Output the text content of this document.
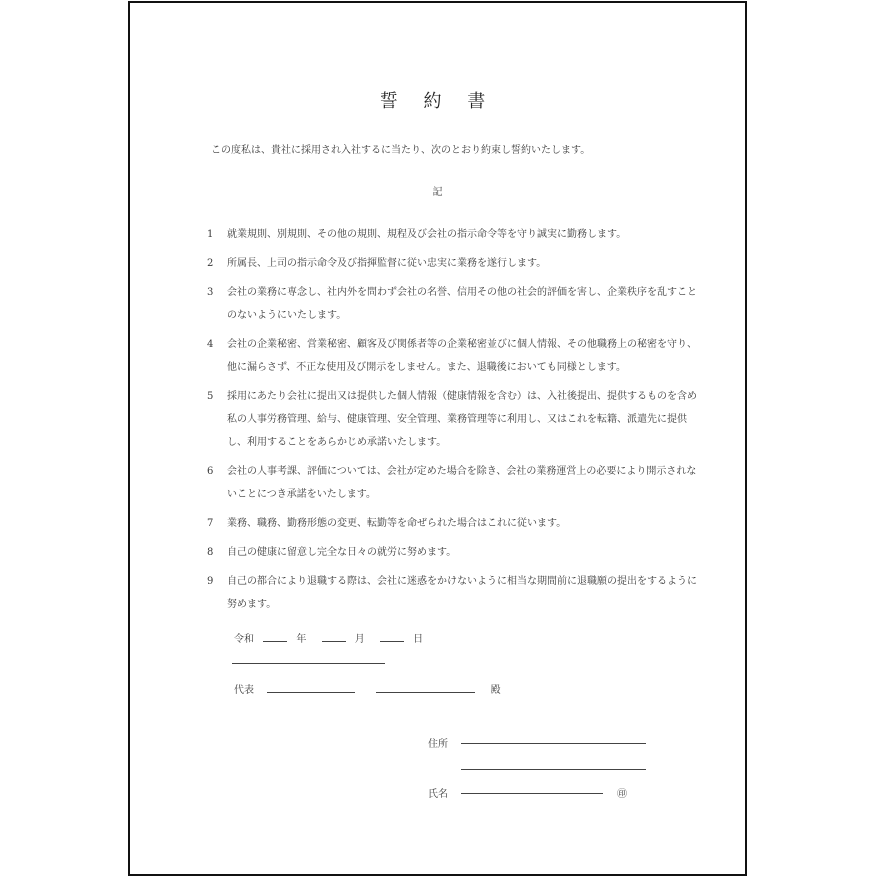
誓 約 書
この度私は、貴社に採用され入社するに当たり、次のとおり約束し誓約いたします。
記
1 就業規則、別規則、その他の規則、規程及び会社の指示命令等を守り誠実に勤務します。
2 所属長、上司の指示命令及び指揮監督に従い忠実に業務を遂行します。
3 会社の業務に専念し、社内外を問わず会社の名誉、信用その他の社会的評価を害し、企業秩序を乱すことのないようにいたします。
4 会社の企業秘密、営業秘密、顧客及び関係者等の企業秘密並びに個人情報、その他職務上の秘密を守り、他に漏らさず、不正な使用及び開示をしません。また、退職後においても同様とします。
5 採用にあたり会社に提出又は提供した個人情報（健康情報を含む）は、入社後提出、提供するものを含め私の人事労務管理、給与、健康管理、安全管理、業務管理等に利用し、又はこれを転籍、派遣先に提供し、利用することをあらかじめ承諾いたします。
6 会社の人事考課、評価については、会社が定めた場合を除き、会社の業務運営上の必要により開示されないことにつき承諾をいたします。
7 業務、職務、勤務形態の変更、転勤等を命ぜられた場合はこれに従います。
8 自己の健康に留意し完全な日々の就労に努めます。
9 自己の都合により退職する際は、会社に迷惑をかけないように相当な期間前に退職願の提出をするように努めます。
令和	年	月	日
代表	殿
住所
氏名	㊞
